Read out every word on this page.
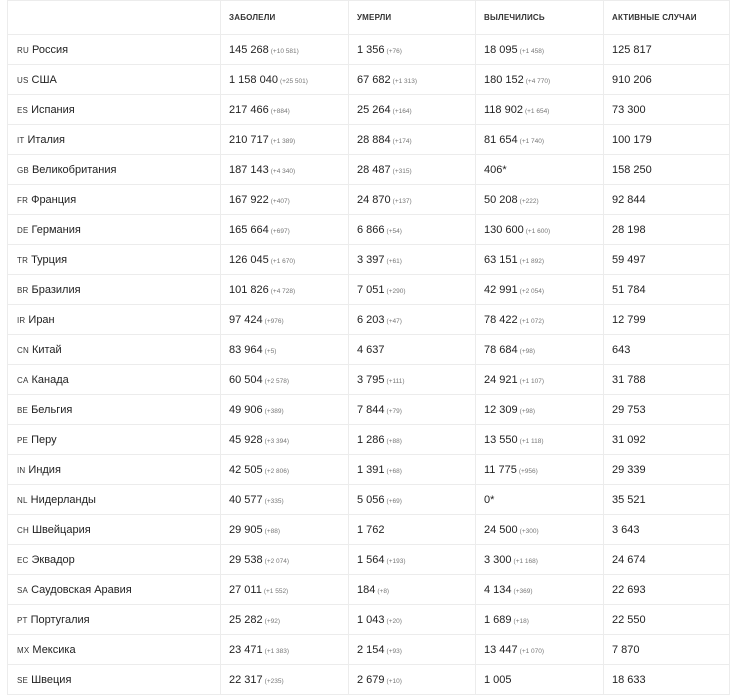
	ЗАБОЛЕЛИ	УМЕРЛИ	ВЫЛЕЧИЛИСЬ	АКТИВНЫЕ СЛУЧАИ
RU Россия	145 268 (+10 581)	1 356 (+76)	18 095 (+1 458)	125 817
US США	1 158 040 (+25 501)	67 682 (+1 313)	180 152 (+4 770)	910 206
ES Испания	217 466 (+884)	25 264 (+164)	118 902 (+1 654)	73 300
IT Италия	210 717 (+1 389)	28 884 (+174)	81 654 (+1 740)	100 179
GB Великобритания	187 143 (+4 340)	28 487 (+315)	406*	158 250
FR Франция	167 922 (+407)	24 870 (+137)	50 208 (+222)	92 844
DE Германия	165 664 (+697)	6 866 (+54)	130 600 (+1 600)	28 198
TR Турция	126 045 (+1 670)	3 397 (+61)	63 151 (+1 892)	59 497
BR Бразилия	101 826 (+4 728)	7 051 (+290)	42 991 (+2 054)	51 784
IR Иран	97 424 (+976)	6 203 (+47)	78 422 (+1 072)	12 799
CN Китай	83 964 (+5)	4 637	78 684 (+98)	643
CA Канада	60 504 (+2 578)	3 795 (+111)	24 921 (+1 107)	31 788
BE Бельгия	49 906 (+389)	7 844 (+79)	12 309 (+98)	29 753
PE Перу	45 928 (+3 394)	1 286 (+88)	13 550 (+1 118)	31 092
IN Индия	42 505 (+2 806)	1 391 (+68)	11 775 (+956)	29 339
NL Нидерланды	40 577 (+335)	5 056 (+69)	0*	35 521
CH Швейцария	29 905 (+88)	1 762	24 500 (+300)	3 643
EC Эквадор	29 538 (+2 074)	1 564 (+193)	3 300 (+1 168)	24 674
SA Саудовская Аравия	27 011 (+1 552)	184 (+8)	4 134 (+369)	22 693
PT Португалия	25 282 (+92)	1 043 (+20)	1 689 (+18)	22 550
MX Мексика	23 471 (+1 383)	2 154 (+93)	13 447 (+1 070)	7 870
SE Швеция	22 317 (+235)	2 679 (+10)	1 005	18 633
